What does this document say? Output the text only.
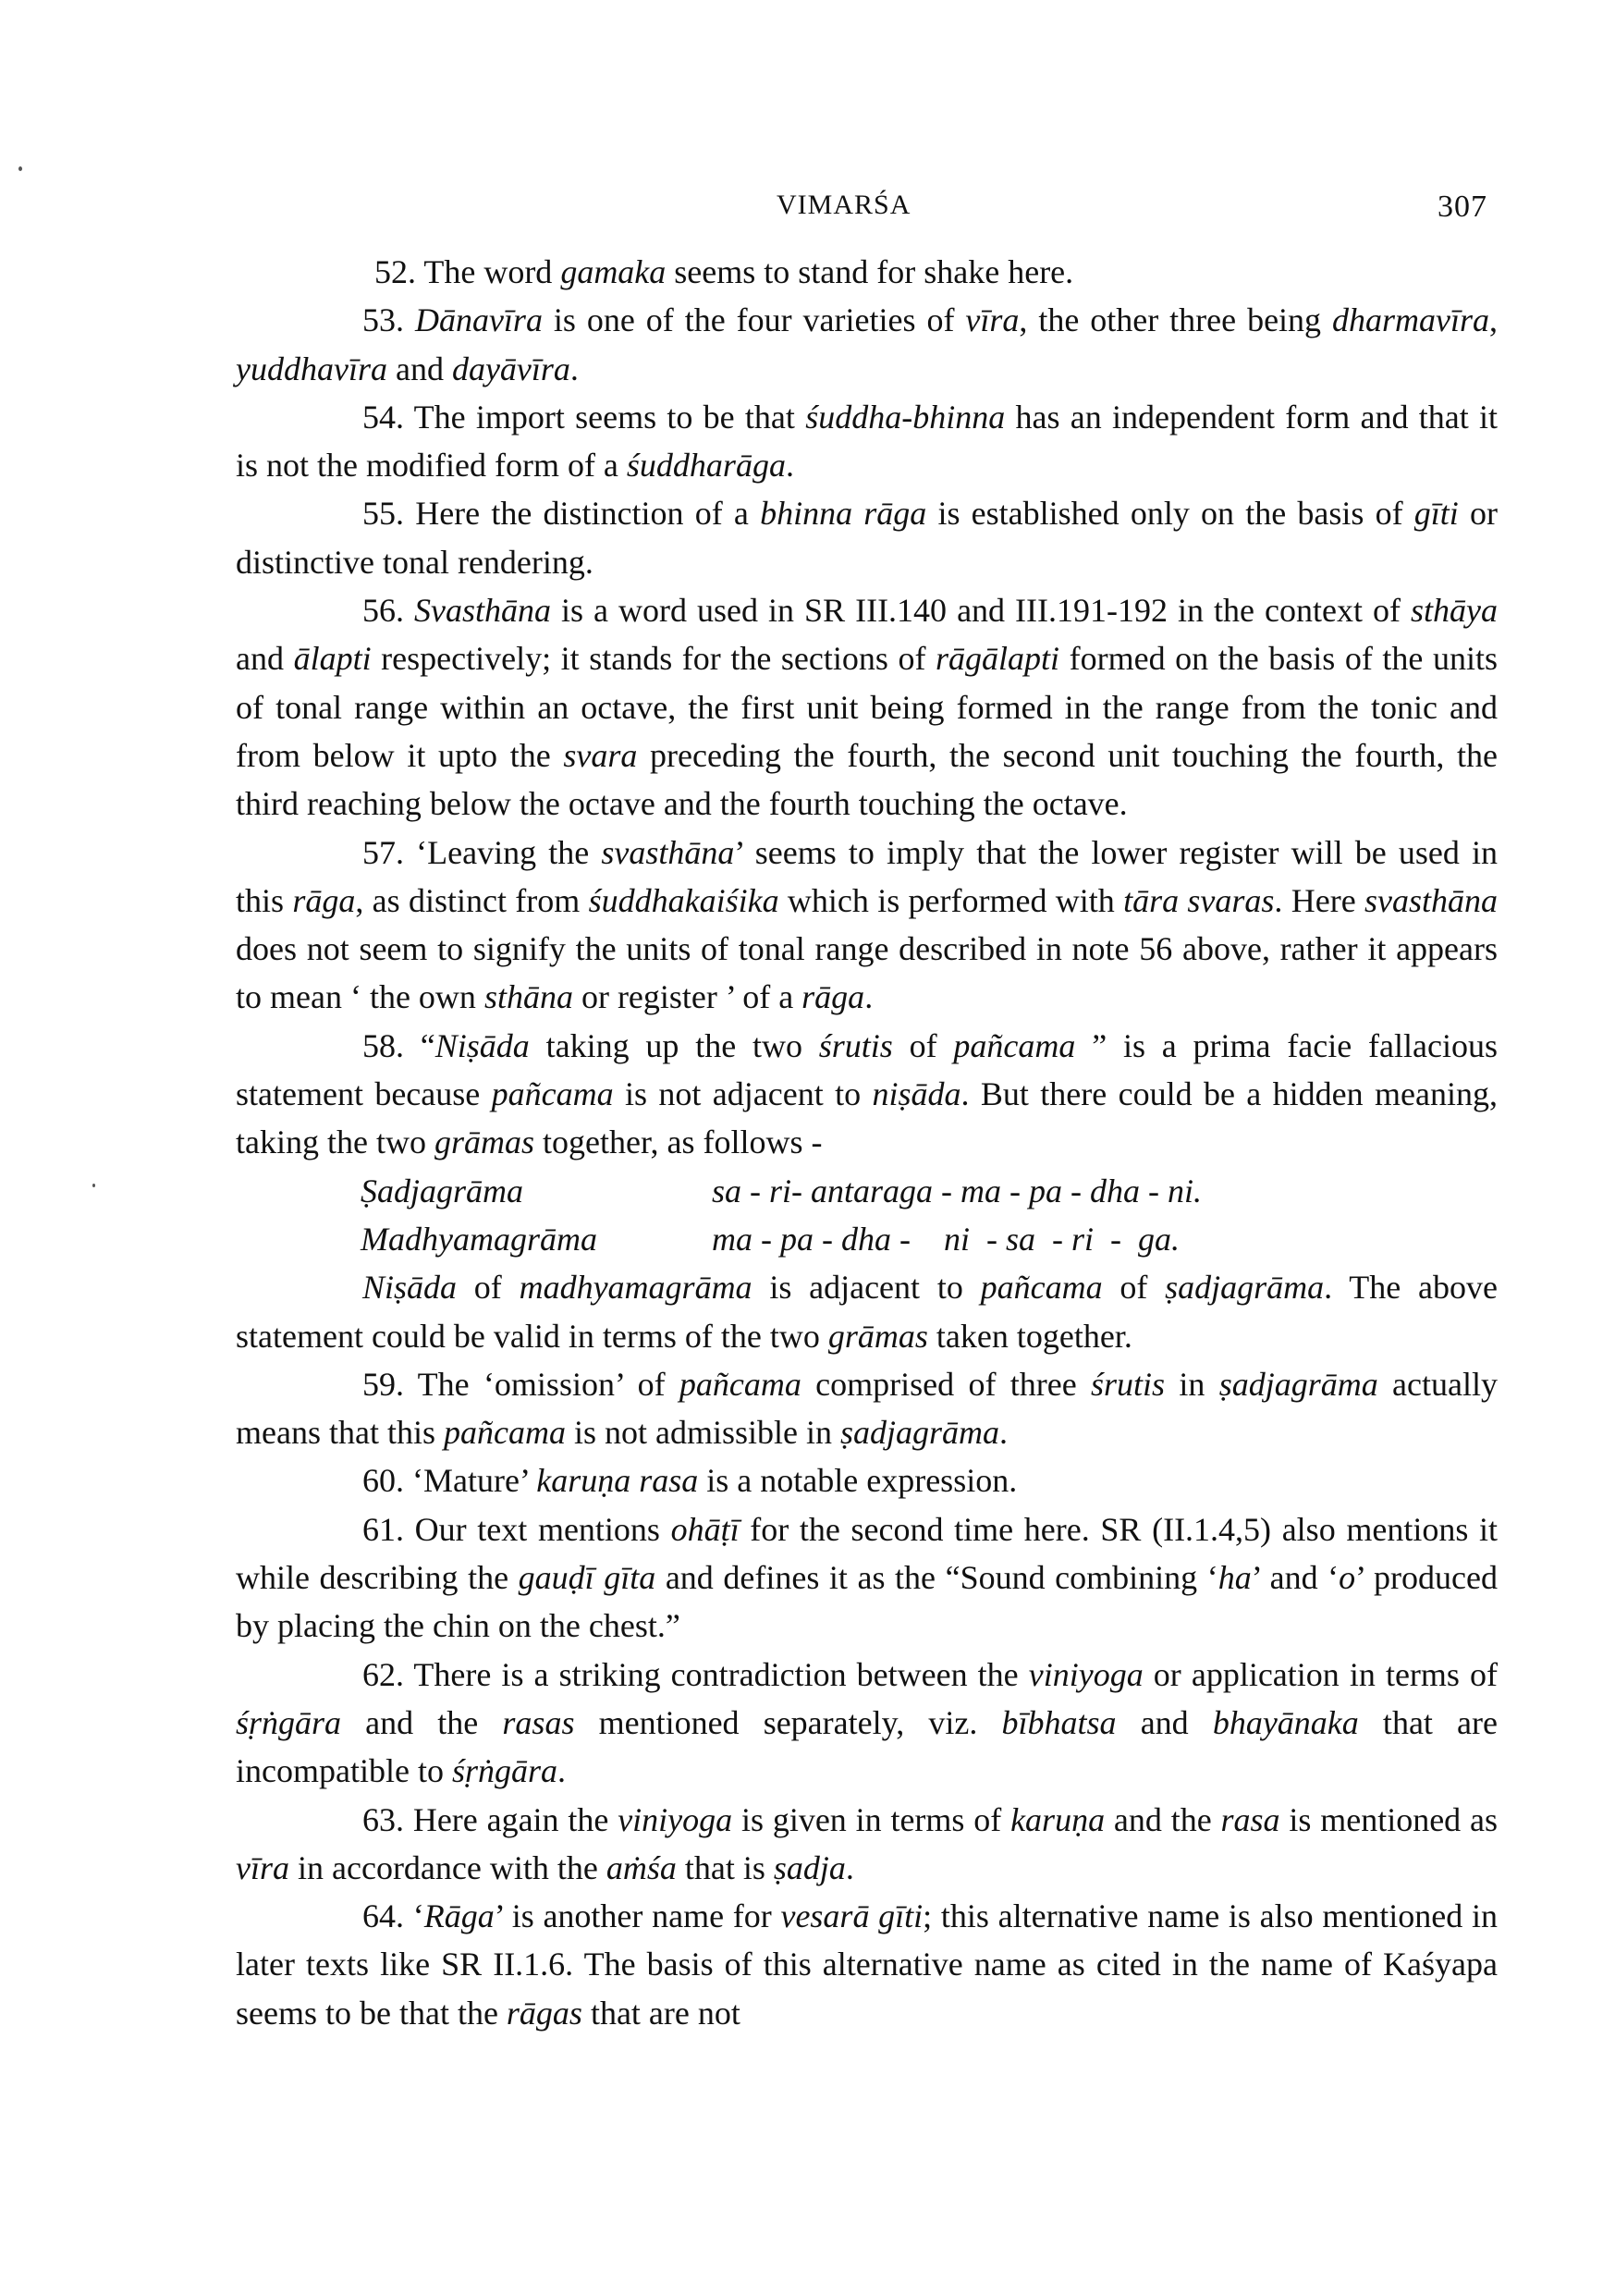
VIMARŚA	307

52. The word gamaka seems to stand for shake here.

53. Dānavīra is one of the four varieties of vīra, the other three being dharmavīra, yuddhavīra and dayāvīra.

54. The import seems to be that śuddha-bhinna has an independent form and that it is not the modified form of a śuddharāga.

55. Here the distinction of a bhinna rāga is established only on the basis of gīti or distinctive tonal rendering.

56. Svasthāna is a word used in SR III.140 and III.191-192 in the context of sthāya and ālapti respectively; it stands for the sections of rāgālapti formed on the basis of the units of tonal range within an octave, the first unit being formed in the range from the tonic and from below it upto the svara preceding the fourth, the second unit touching the fourth, the third reaching below the octave and the fourth touching the octave.

57. ‘Leaving the svasthāna’ seems to imply that the lower register will be used in this rāga, as distinct from śuddhakaiśika which is performed with tāra svaras. Here svasthāna does not seem to signify the units of tonal range described in note 56 above, rather it appears to mean ‘ the own sthāna or register ’ of a rāga.

58. “Niṣāda taking up the two śrutis of pañcama ” is a prima facie fallacious statement because pañcama is not adjacent to niṣāda. But there could be a hidden meaning, taking the two grāmas together, as follows -

Ṣadjagrāma	sa - ri- antaraga - ma - pa - dha - ni.
Madhyamagrāma	ma - pa - dha -    ni  - sa  - ri  -  ga.

Niṣāda of madhyamagrāma is adjacent to pañcama of ṣadjagrāma. The above statement could be valid in terms of the two grāmas taken together.

59. The ‘omission’ of pañcama comprised of three śrutis in ṣadjagrāma actually means that this pañcama is not admissible in ṣadjagrāma.

60. ‘Mature’ karuṇa rasa is a notable expression.

61. Our text mentions ohāṭī for the second time here. SR (II.1.4,5) also mentions it while describing the gauḍī gīta and defines it as the “Sound combining ‘ha’ and ‘o’ produced by placing the chin on the chest.”

62. There is a striking contradiction between the viniyoga or application in terms of śṛṅgāra and the rasas mentioned separately, viz. bībhatsa and bhayānaka that are incompatible to śṛṅgāra.

63. Here again the viniyoga is given in terms of karuṇa and the rasa is mentioned as vīra in accordance with the aṁśa that is ṣadja.

64. ‘Rāga’ is another name for vesarā gīti; this alternative name is also mentioned in later texts like SR II.1.6. The basis of this alternative name as cited in the name of Kaśyapa seems to be that the rāgas that are not
